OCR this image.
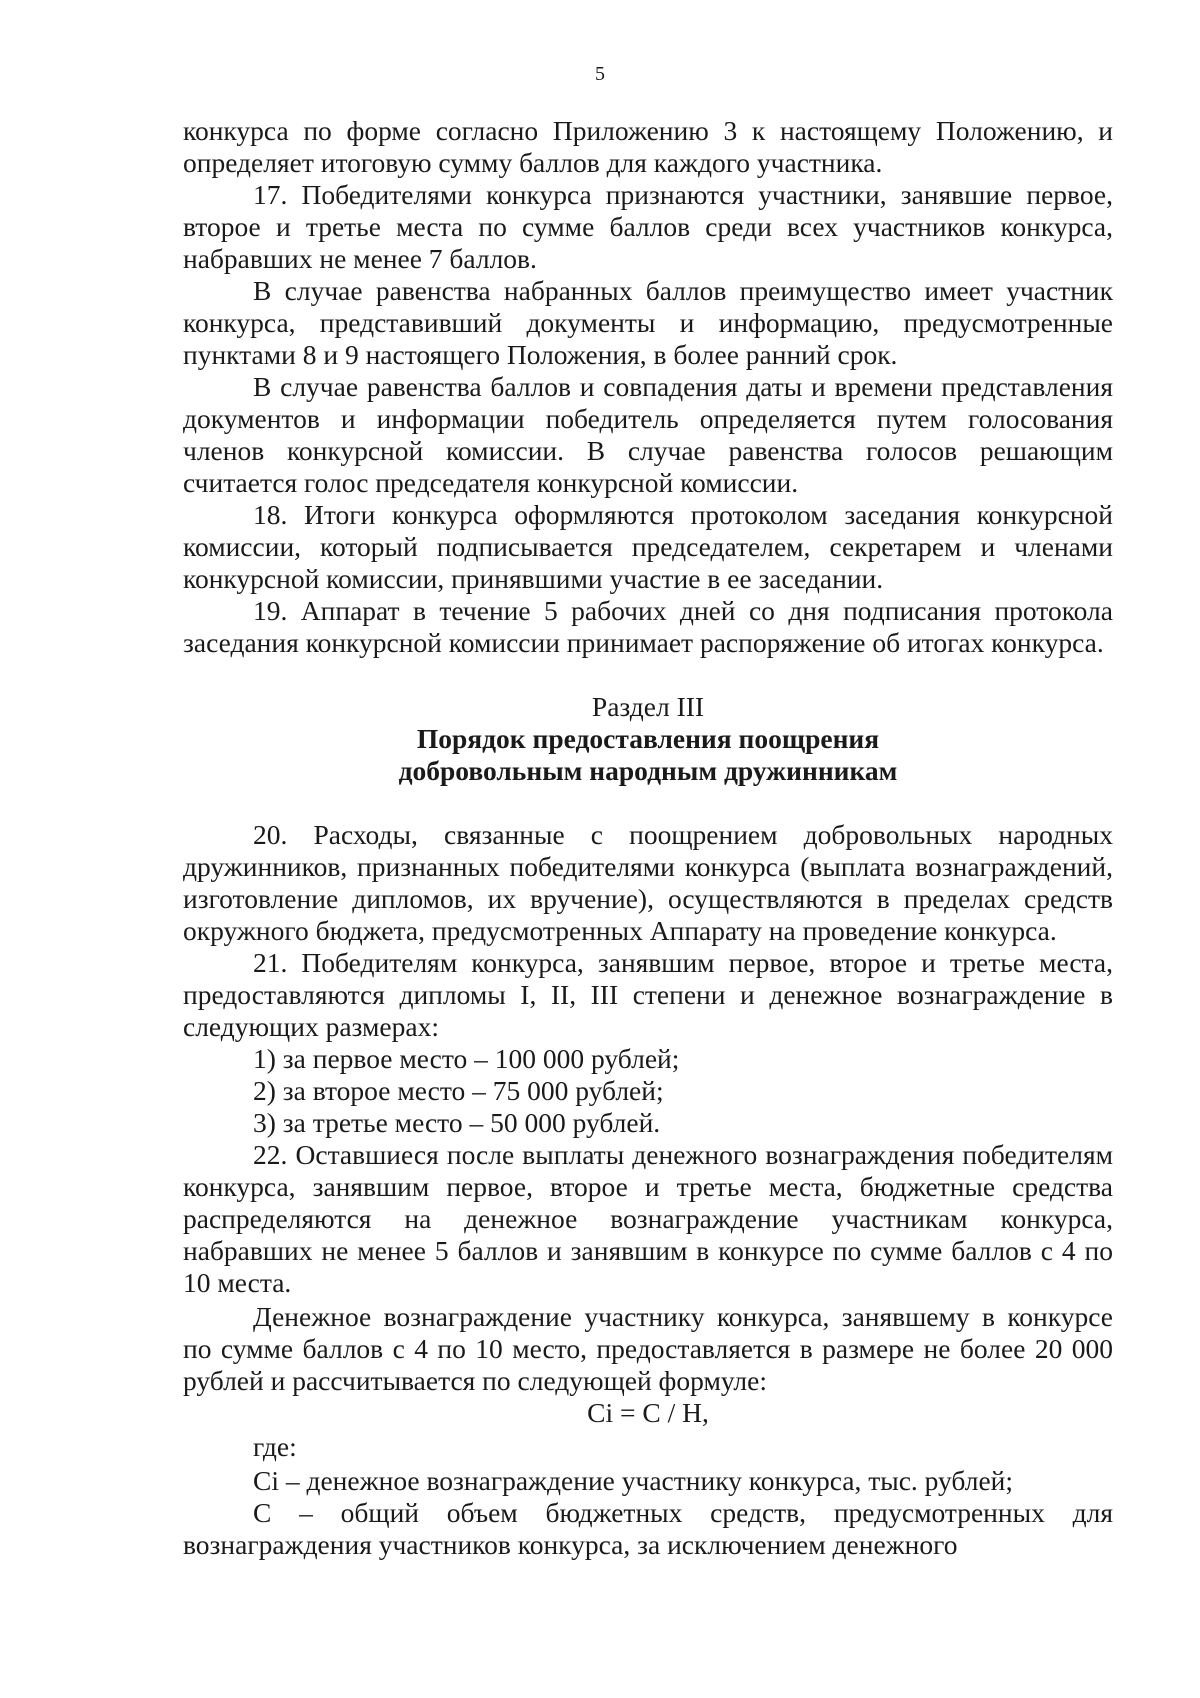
5

конкурса по форме согласно Приложению 3 к настоящему Положению, и определяет итоговую сумму баллов для каждого участника.

17. Победителями конкурса признаются участники, занявшие первое, второе и третье места по сумме баллов среди всех участников конкурса, набравших не менее 7 баллов.

В случае равенства набранных баллов преимущество имеет участник конкурса, представивший документы и информацию, предусмотренные пунктами 8 и 9 настоящего Положения, в более ранний срок.

В случае равенства баллов и совпадения даты и времени представления документов и информации победитель определяется путем голосования членов конкурсной комиссии. В случае равенства голосов решающим считается голос председателя конкурсной комиссии.

18. Итоги конкурса оформляются протоколом заседания конкурсной комиссии, который подписывается председателем, секретарем и членами конкурсной комиссии, принявшими участие в ее заседании.

19. Аппарат в течение 5 рабочих дней со дня подписания протокола заседания конкурсной комиссии принимает распоряжение об итогах конкурса.

Раздел III

Порядок предоставления поощрения

добровольным народным дружинникам

20. Расходы, связанные с поощрением добровольных народных дружинников, признанных победителями конкурса (выплата вознаграждений, изготовление дипломов, их вручение), осуществляются в пределах средств окружного бюджета, предусмотренных Аппарату на проведение конкурса.

21. Победителям конкурса, занявшим первое, второе и третье места, предоставляются дипломы I, II, III степени и денежное вознаграждение в следующих размерах:

1) за первое место – 100 000 рублей;

2) за второе место – 75 000 рублей;

3) за третье место – 50 000 рублей.

22. Оставшиеся после выплаты денежного вознаграждения победителям конкурса, занявшим первое, второе и третье места, бюджетные средства распределяются на денежное вознаграждение участникам конкурса, набравших не менее 5 баллов и занявшим в конкурсе по сумме баллов с 4 по 10 места.

Денежное вознаграждение участнику конкурса, занявшему в конкурсе по сумме баллов с 4 по 10 место, предоставляется в размере не более 20 000 рублей и рассчитывается по следующей формуле:

Ci = C / H,

где:

Ci – денежное вознаграждение участнику конкурса, тыс. рублей;

C – общий объем бюджетных средств, предусмотренных для вознаграждения участников конкурса, за исключением денежного
